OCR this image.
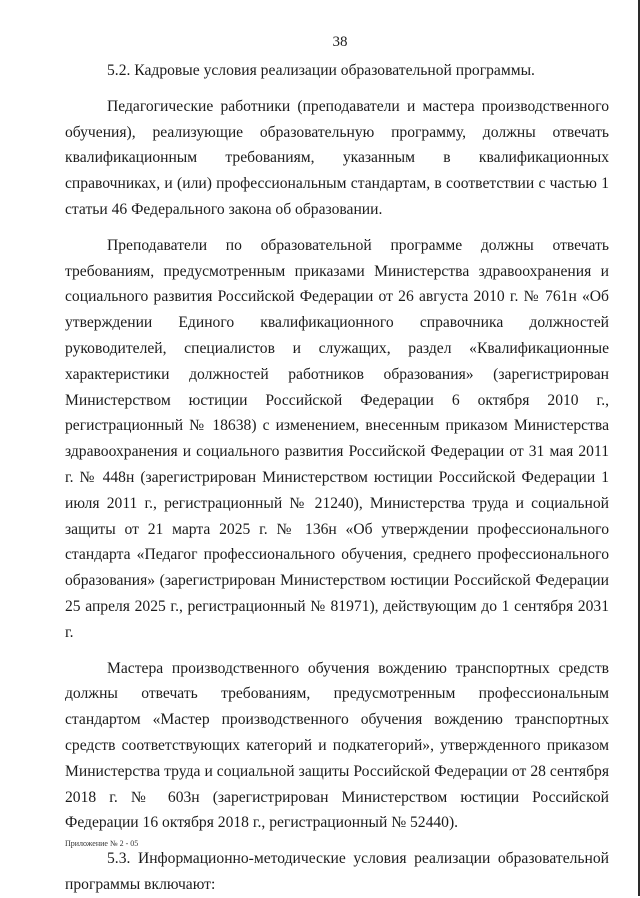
38

5.2. Кадровые условия реализации образовательной программы.

Педагогические работники (преподаватели и мастера производственного обучения), реализующие образовательную программу, должны отвечать квалификационным требованиям, указанным в квалификационных справочниках, и (или) профессиональным стандартам, в соответствии с частью 1 статьи 46 Федерального закона об образовании.

Преподаватели по образовательной программе должны отвечать требованиям, предусмотренным приказами Министерства здравоохранения и социального развития Российской Федерации от 26 августа 2010 г. № 761н «Об утверждении Единого квалификационного справочника должностей руководителей, специалистов и служащих, раздел «Квалификационные характеристики должностей работников образования» (зарегистрирован Министерством юстиции Российской Федерации 6 октября 2010 г., регистрационный № 18638) с изменением, внесенным приказом Министерства здравоохранения и социального развития Российской Федерации от 31 мая 2011 г. № 448н (зарегистрирован Министерством юстиции Российской Федерации 1 июля 2011 г., регистрационный № 21240), Министерства труда и социальной защиты от 21 марта 2025 г. № 136н «Об утверждении профессионального стандарта «Педагог профессионального обучения, среднего профессионального образования» (зарегистрирован Министерством юстиции Российской Федерации 25 апреля 2025 г., регистрационный № 81971), действующим до 1 сентября 2031 г.

Мастера производственного обучения вождению транспортных средств должны отвечать требованиям, предусмотренным профессиональным стандартом «Мастер производственного обучения вождению транспортных средств соответствующих категорий и подкатегорий», утвержденного приказом Министерства труда и социальной защиты Российской Федерации от 28 сентября 2018 г. № 603н (зарегистрирован Министерством юстиции Российской Федерации 16 октября 2018 г., регистрационный № 52440).

5.3. Информационно-методические условия реализации образовательной программы включают:

Приложение № 2 - 05
